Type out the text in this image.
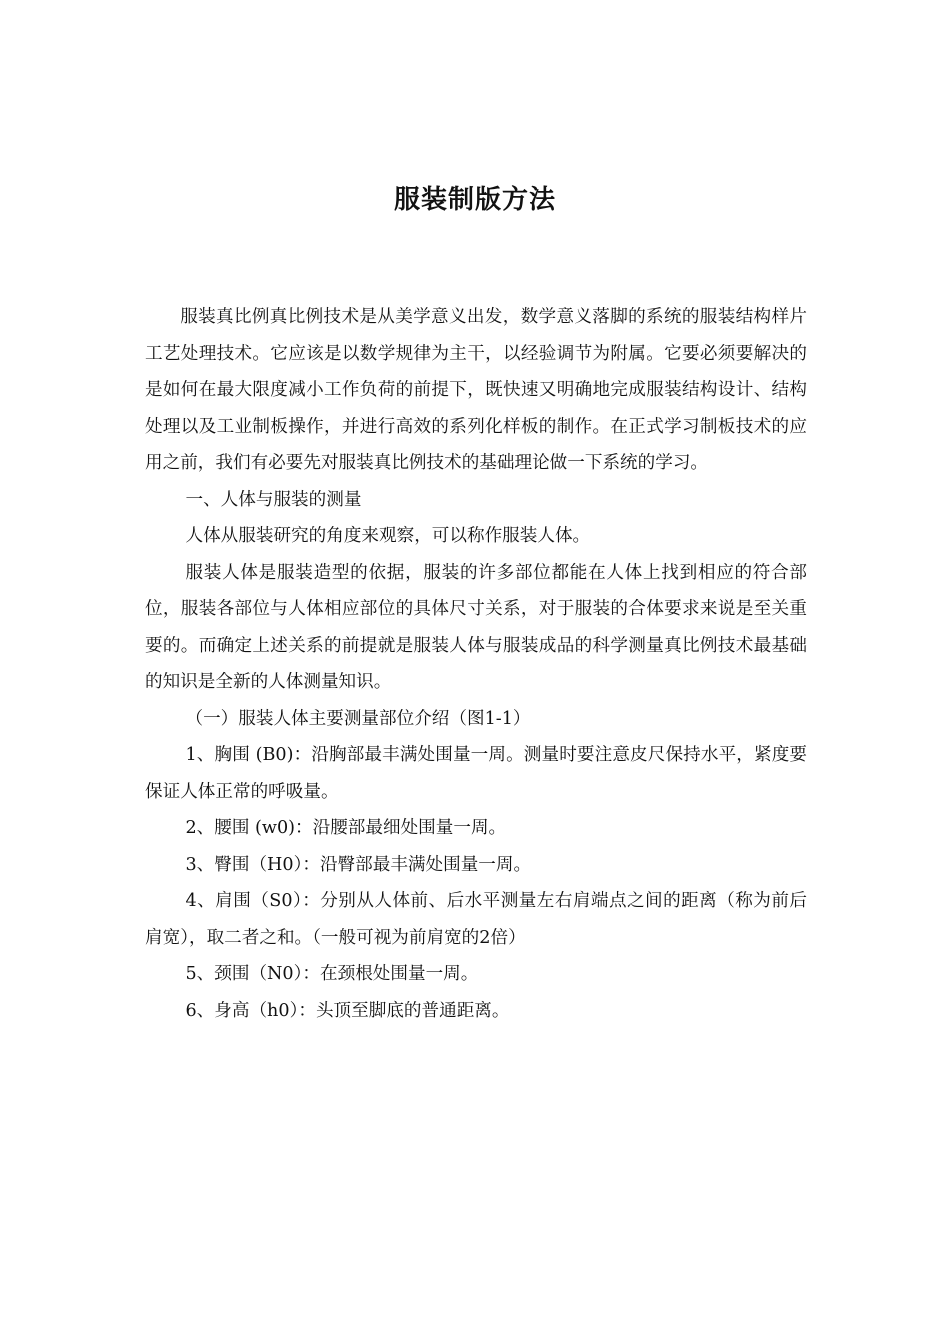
服装制版方法

服装真比例真比例技术是从美学意义出发，数学意义落脚的系统的服装结构样片工艺处理技术。它应该是以数学规律为主干，以经验调节为附属。它要必须要解决的是如何在最大限度减小工作负荷的前提下，既快速又明确地完成服装结构设计、结构处理以及工业制板操作，并进行高效的系列化样板的制作。在正式学习制板技术的应用之前，我们有必要先对服装真比例技术的基础理论做一下系统的学习。

一、人体与服装的测量

人体从服装研究的角度来观察，可以称作服装人体。

服装人体是服装造型的依据，服装的许多部位都能在人体上找到相应的符合部位，服装各部位与人体相应部位的具体尺寸关系，对于服装的合体要求来说是至关重要的。而确定上述关系的前提就是服装人体与服装成品的科学测量真比例技术最基础的知识是全新的人体测量知识。

（一）服装人体主要测量部位介绍（图1-1）

1、胸围 (B0)：沿胸部最丰满处围量一周。测量时要注意皮尺保持水平，紧度要保证人体正常的呼吸量。

2、腰围 (w0)：沿腰部最细处围量一周。

3、臀围（H0）：沿臀部最丰满处围量一周。

4、肩围（S0）：分别从人体前、后水平测量左右肩端点之间的距离（称为前后肩宽），取二者之和。（一般可视为前肩宽的2倍）

5、颈围（N0）：在颈根处围量一周。

6、身高（h0）：头顶至脚底的普通距离。
